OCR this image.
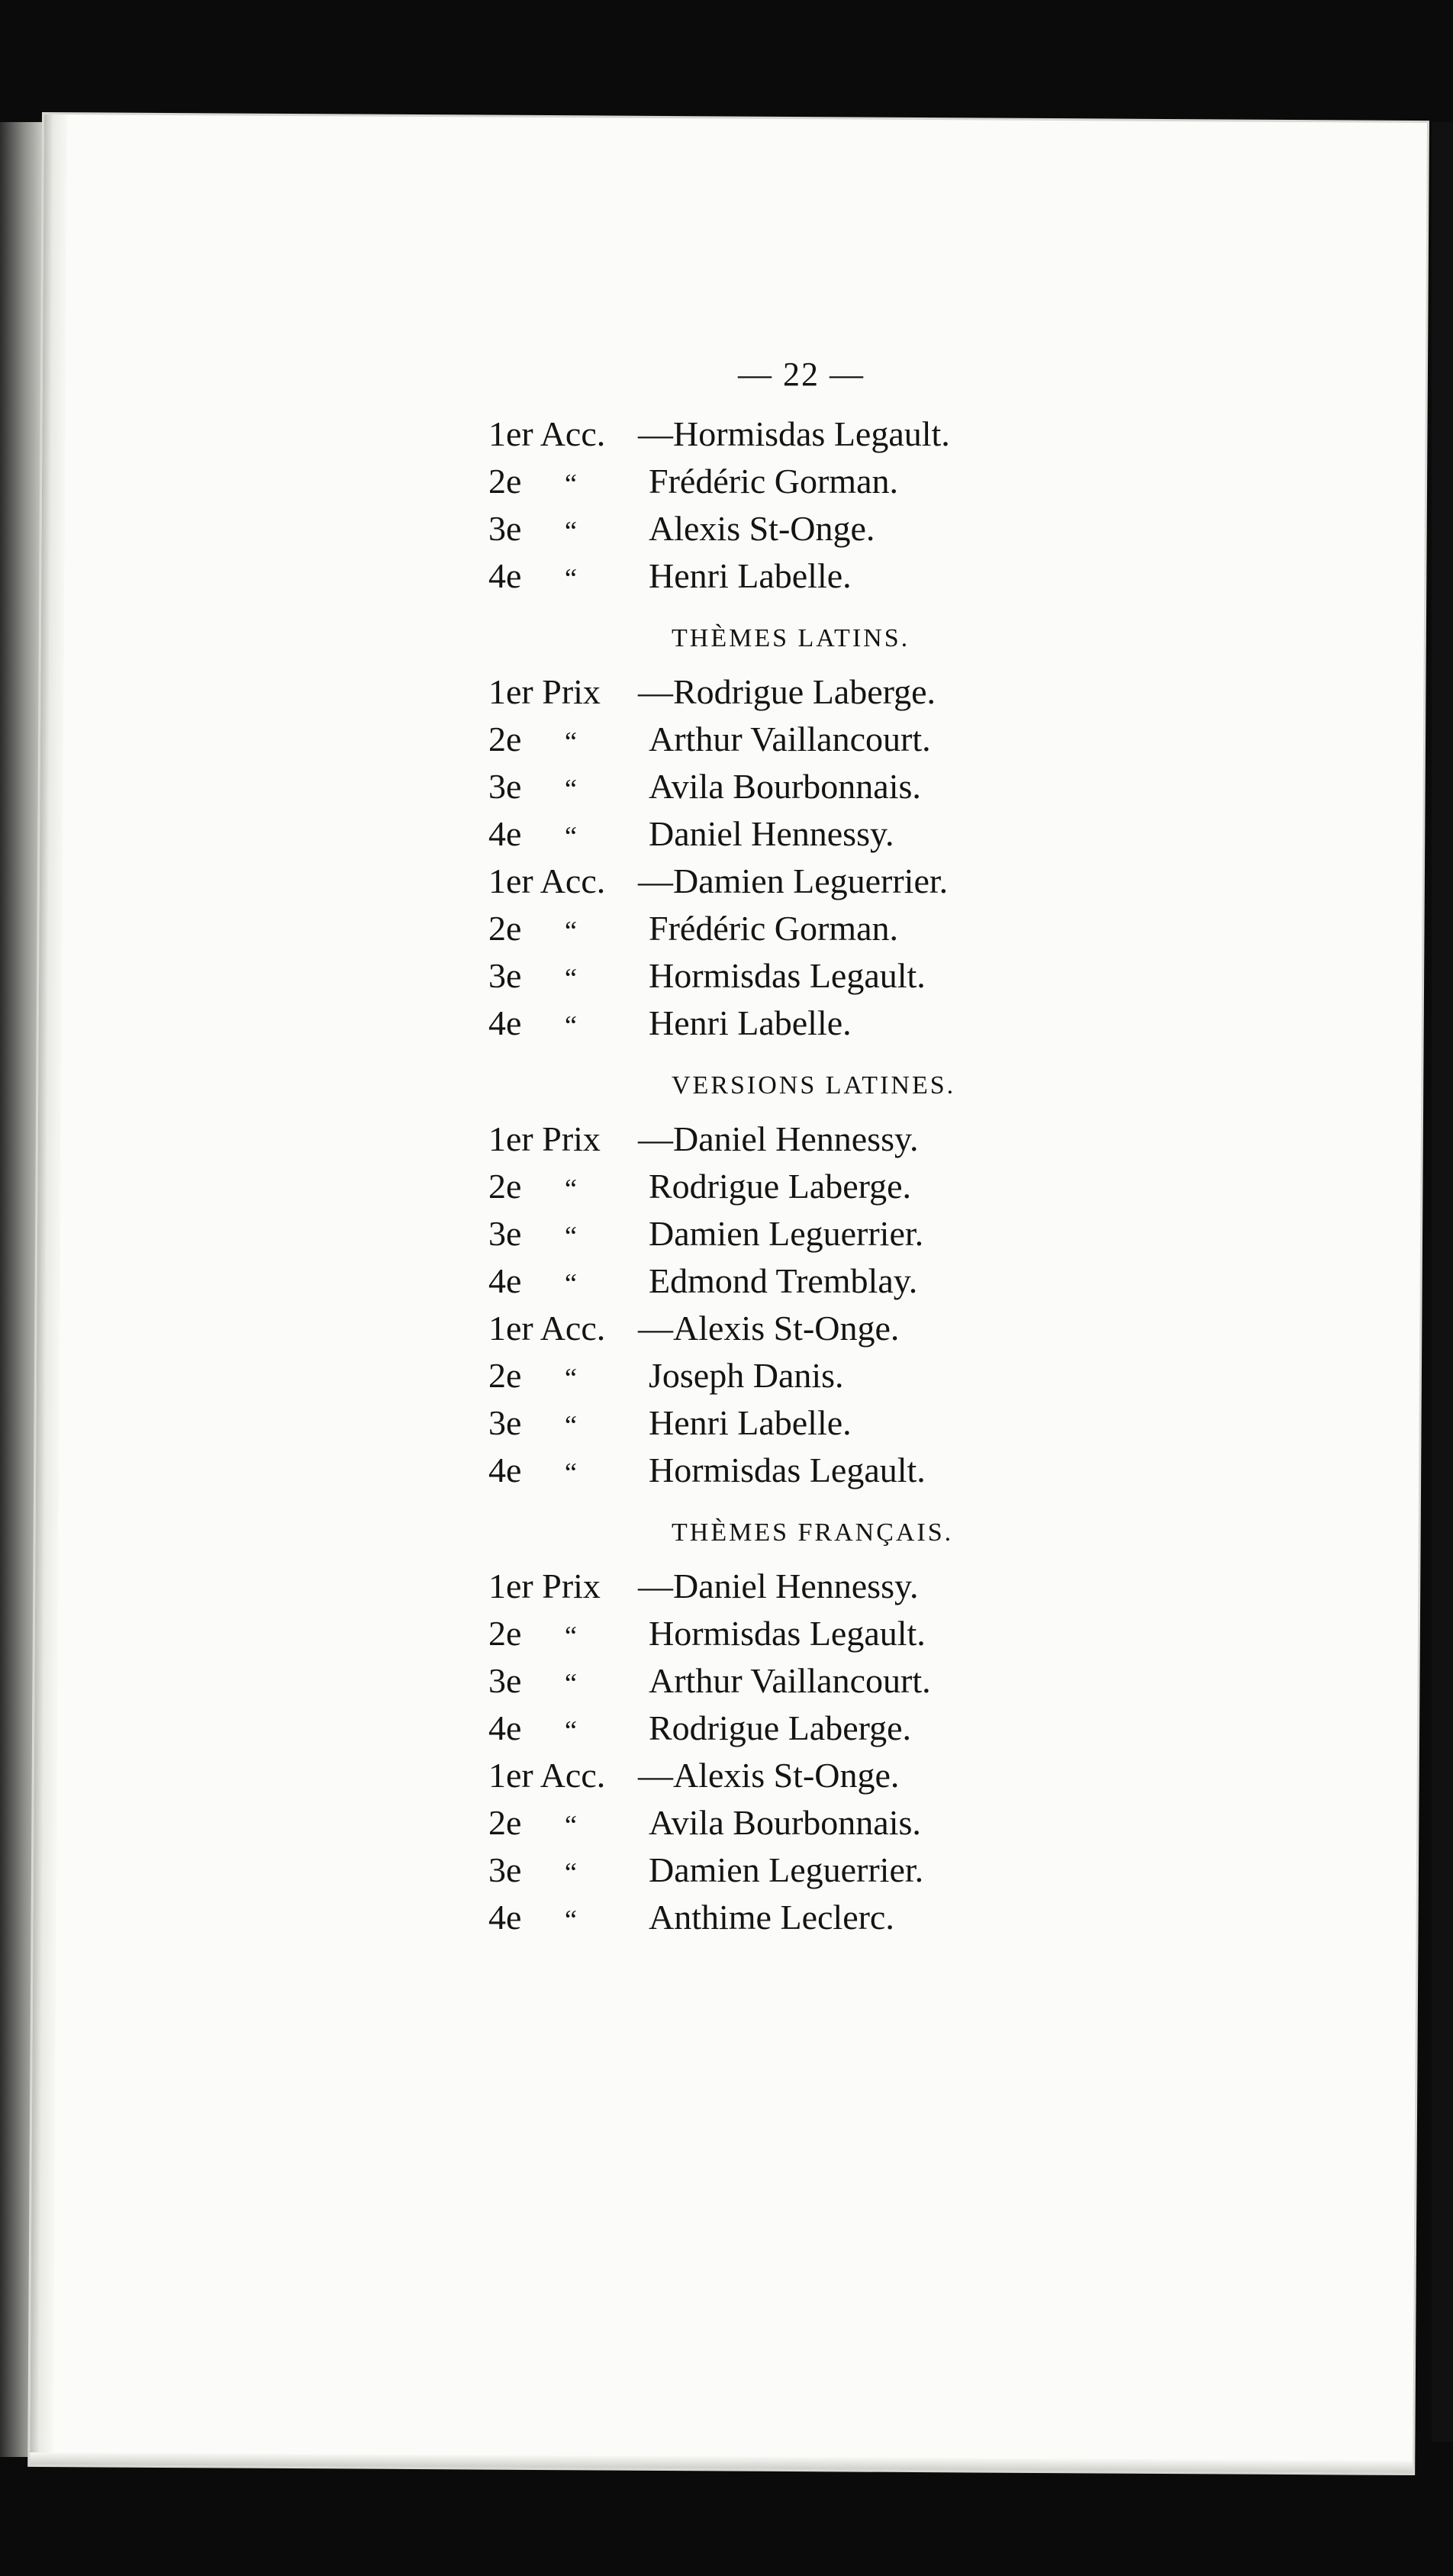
— 22 —
1er Acc. — Hormisdas Legault.
2e	“	Frédéric Gorman.
3e	“	Alexis St-Onge.
4e	“	Henri Labelle.
THÈMES LATINS.
1er Prix	— Rodrigue Laberge.
2e	“	Arthur Vaillancourt.
3e	“	Avila Bourbonnais.
4e	“	Daniel Hennessy.
1er Acc. — Damien Leguerrier.
2e	“	Frédéric Gorman.
3e	“	Hormisdas Legault.
4e	“	Henri Labelle.
VERSIONS LATINES.
1er Prix	— Daniel Hennessy.
2e	“	Rodrigue Laberge.
3e	“	Damien Leguerrier.
4e	“	Edmond Tremblay.
1er Acc. — Alexis St-Onge.
2e	“	Joseph Danis.
3e	“	Henri Labelle.
4e	“	Hormisdas Legault.
THÈMES FRANÇAIS.
1er Prix	— Daniel Hennessy.
2e	“	Hormisdas Legault.
3e	“	Arthur Vaillancourt.
4e	“	Rodrigue Laberge.
1er Acc. — Alexis St-Onge.
2e	“	Avila Bourbonnais.
3e	“	Damien Leguerrier.
4e	“	Anthime Leclerc.
